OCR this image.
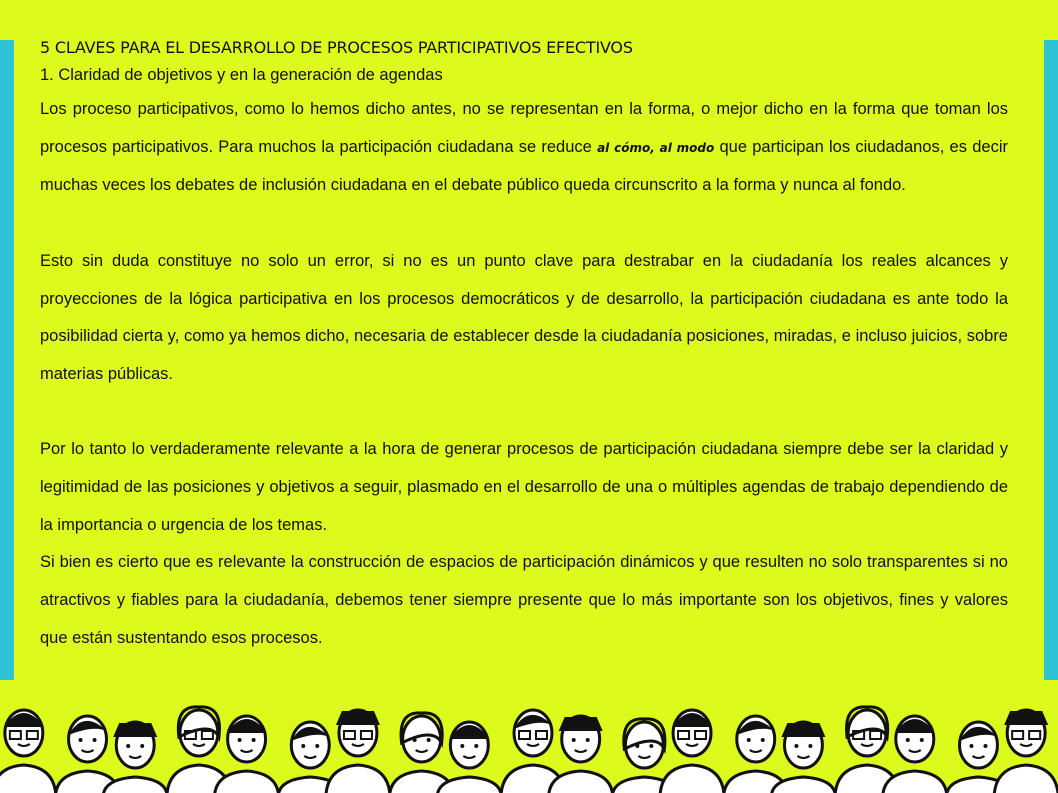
5 CLAVES PARA EL DESARROLLO DE PROCESOS PARTICIPATIVOS EFECTIVOS
1. Claridad de objetivos y en la generación de agendas

Los proceso participativos, como lo hemos dicho antes, no se representan en la forma, o mejor dicho en la forma que toman los procesos participativos. Para muchos la participación ciudadana se reduce al cómo, al modo que participan los ciudadanos, es decir muchas veces los debates de inclusión ciudadana en el debate público queda circunscrito a la forma y nunca al fondo.

Esto sin duda constituye no solo un error, si no es un punto clave para destrabar en la ciudadanía los reales alcances y proyecciones de la lógica participativa en los procesos democráticos y de desarrollo, la participación ciudadana es ante todo la posibilidad cierta y, como ya hemos dicho, necesaria de establecer desde la ciudadanía posiciones, miradas, e incluso juicios, sobre materias públicas.

Por lo tanto lo verdaderamente relevante a la hora de generar procesos de participación ciudadana siempre debe ser la claridad y legitimidad de las posiciones y objetivos a seguir, plasmado en el desarrollo de una o múltiples agendas de trabajo dependiendo de la importancia o urgencia de los temas.

Si bien es cierto que es relevante la construcción de espacios de participación dinámicos y que resulten no solo transparentes si no atractivos y fiables para la ciudadanía, debemos tener siempre presente que lo más importante son los objetivos, fines y valores que están sustentando esos procesos.
